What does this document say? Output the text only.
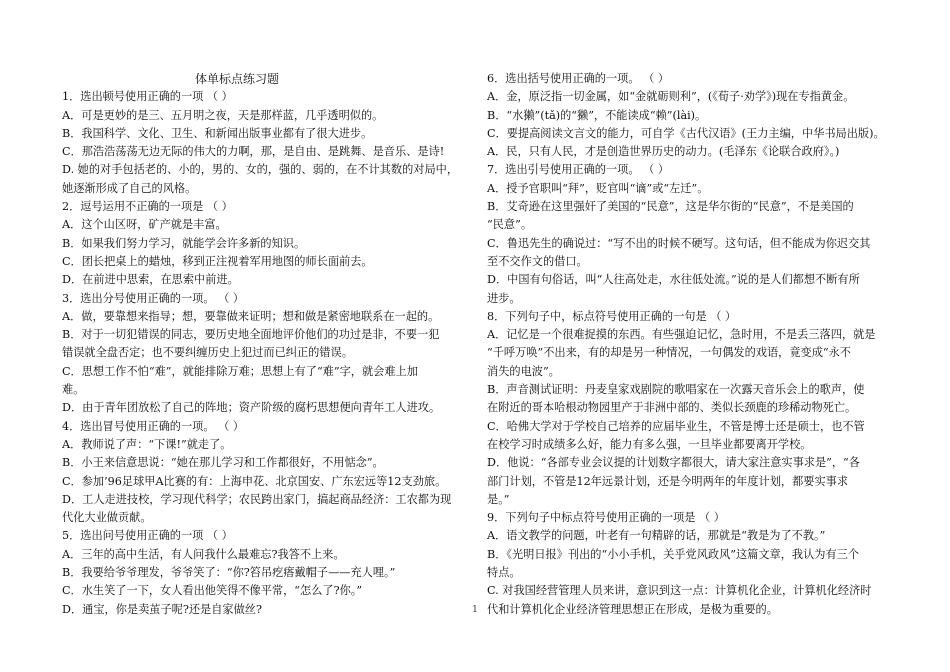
体单标点练习题
1．选出顿号使用正确的一项 （ ）
A．可是更妙的是三、五月明之夜，天是那样蓝，几乎透明似的。
B．我国科学、文化、卫生、和新闻出版事业都有了很大进步。
C．那浩浩荡荡无边无际的伟大的力啊，那，是自由、是跳舞、是音乐、是诗!
D. 她的对手包括老的、小的，男的、女的，强的、弱的，在不计其数的对局中，
她逐渐形成了自己的风格。
2．逗号运用不正确的一项是 （ ）
A．这个山区呀，矿产就是丰富。
B．如果我们努力学习，就能学会许多新的知识。
C．团长把桌上的蜡烛，移到正注视着军用地图的师长面前去。
D．在前进中思索，在思索中前进。
3．选出分号使用正确的一项。 （ ）
A．做，要靠想来指导；想，要靠做来证明；想和做是紧密地联系在一起的。
B．对于一切犯错误的同志，要历史地全面地评价他们的功过是非，不要一犯
错误就全盘否定；也不要纠缠历史上犯过而已纠正的错误。
C．思想工作不怕“难”，就能排除万难；思想上有了“难”字，就会难上加
难。
D．由于青年团放松了自己的阵地；资产阶级的腐朽思想便向青年工人进攻。
4．选出冒号使用正确的一项。 （ ）
A．教师说了声：“下课!”就走了。
B．小王来信意思说：“她在那儿学习和工作都很好，不用惦念”。
C．参加’96足球甲A比赛的有：上海申花、北京国安、广东宏远等12支劲旅。
D．工人走进技校，学习现代科学；农民跨出家门，搞起商品经济：工农都为现
代化大业做贡献。
5．选出问号使用正确的一项 （ ）
A．三年的高中生活，有人问我什么最难忘?我答不上来。
B．我要给爷爷理发，爷爷笑了：“你?笞吊疙瘩戴帽子——充人哩。”
C．水生笑了一下，女人看出他笑得不像平常，“怎么了?你。”
D．通宝，你是卖茧子呢?还是自家做丝?
6．选出括号使用正确的一项。 （ ）
A．金，原泛指一切金属，如“金就砺则利”，(《荀子·劝学》)现在专指黄金。
B．“水獭”(tǎ)的“獭”，不能读成“赖”(lài)。
C．要提高阅读文言文的能力，可自学《古代汉语》(王力主编，中华书局出版)。
A．民，只有人民，才是创造世界历史的动力。(毛泽东《论联合政府》。)
7．选出引号使用正确的一项。 （ ）
A．授予官职叫“拜”，贬官叫“谪”或“左迁”。
B．艾奇逊在这里强奸了美国的“民意”，这是华尔街的“民意”，不是美国的
“民意”。
C．鲁迅先生的确说过：“写不出的时候不硬写。这句话，但不能成为你迟交其
至不交作文的借口。
D．中国有句俗话，叫“人往高处走，水往低处流。”说的是人们都想不断有所
进步。
8．下列句子中，标点符号使用正确的一句是 （ ）
A．记忆是一个很难捉摸的东西。有些强迫记忆，急时用，不是丢三落四，就是
“千呼万唤”不出来，有的却是另一种情况，一句偶发的戏语，竟变成“永不
消失的电波”。
B．声音测试证明：丹麦皇家戏剧院的歌唱家在一次露天音乐会上的歌声，使
在附近的哥本哈根动物园里产于非洲中部的、类似长颈鹿的珍稀动物死亡。
C．哈佛大学对于学校自己培养的应届毕业生，不管是博士还是硕士，也不管
在校学习时成绩多么好，能力有多么强，一旦毕业都要离开学校。
D．他说：“各部专业会议提的计划数字都很大，请大家注意实事求是”，“各
部门计划，不管是12年远景计划，还是今明两年的年度计划，都要实事求
是。”
9．下列句子中标点符号使用正确的一项是 （ ）
A．语文教学的问题，叶老有一句精辟的话，那就是“教是为了不教。”
B．《光明日报》刊出的“小小手机，关乎党风政风”这篇文章，我认为有三个
特点。
C. 对我国经营管理人员来讲，意识到这一点：计算机化企业，计算机化经济时
代和计算机化企业经济管理思想正在形成，是极为重要的。
1
